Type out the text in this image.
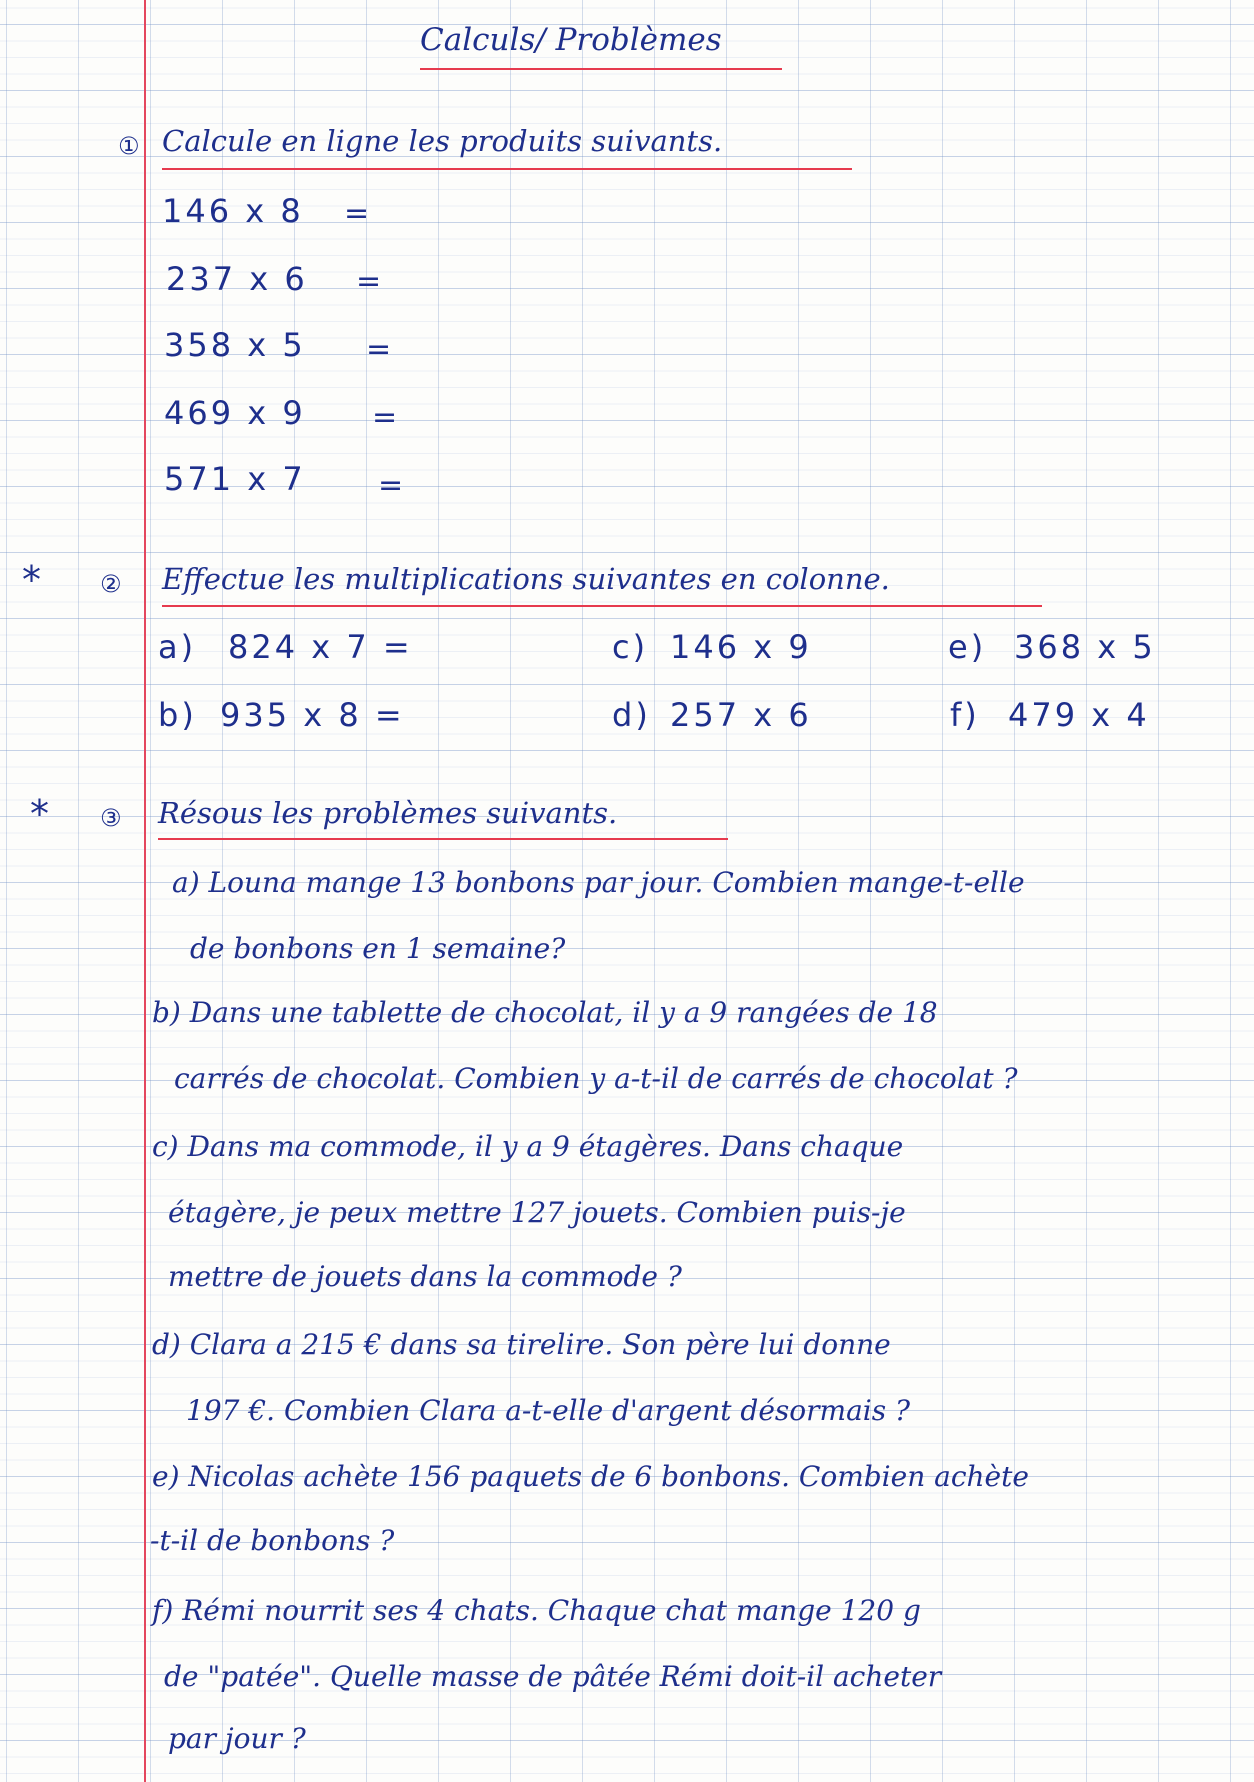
Calculs/ Problèmes
① Calcule en ligne les produits suivants.
146 x 8 =
237 x 6 =
358 x 5 =
469 x 9 =
571 x 7 =
* ② Effectue les multiplications suivantes en colonne.
a) 824 x 7 =	c) 146 x 9	e) 368 x 5
b) 935 x 8 =	d) 257 x 6	f) 479 x 4
* ③ Résous les problèmes suivants.
a) Louna mange 13 bonbons par jour. Combien mange-t-elle
de bonbons en 1 semaine?
b) Dans une tablette de chocolat, il y a 9 rangées de 18
carrés de chocolat. Combien y a-t-il de carrés de chocolat ?
c) Dans ma commode, il y a 9 étagères. Dans chaque
étagère, je peux mettre 127 jouets. Combien puis-je
mettre de jouets dans la commode ?
d) Clara a 215 € dans sa tirelire. Son père lui donne
197 €. Combien Clara a-t-elle d'argent désormais ?
e) Nicolas achète 156 paquets de 6 bonbons. Combien achète
-t-il de bonbons ?
f) Rémi nourrit ses 4 chats. Chaque chat mange 120 g
de "patée". Quelle masse de pâtée Rémi doit-il acheter
par jour ?
